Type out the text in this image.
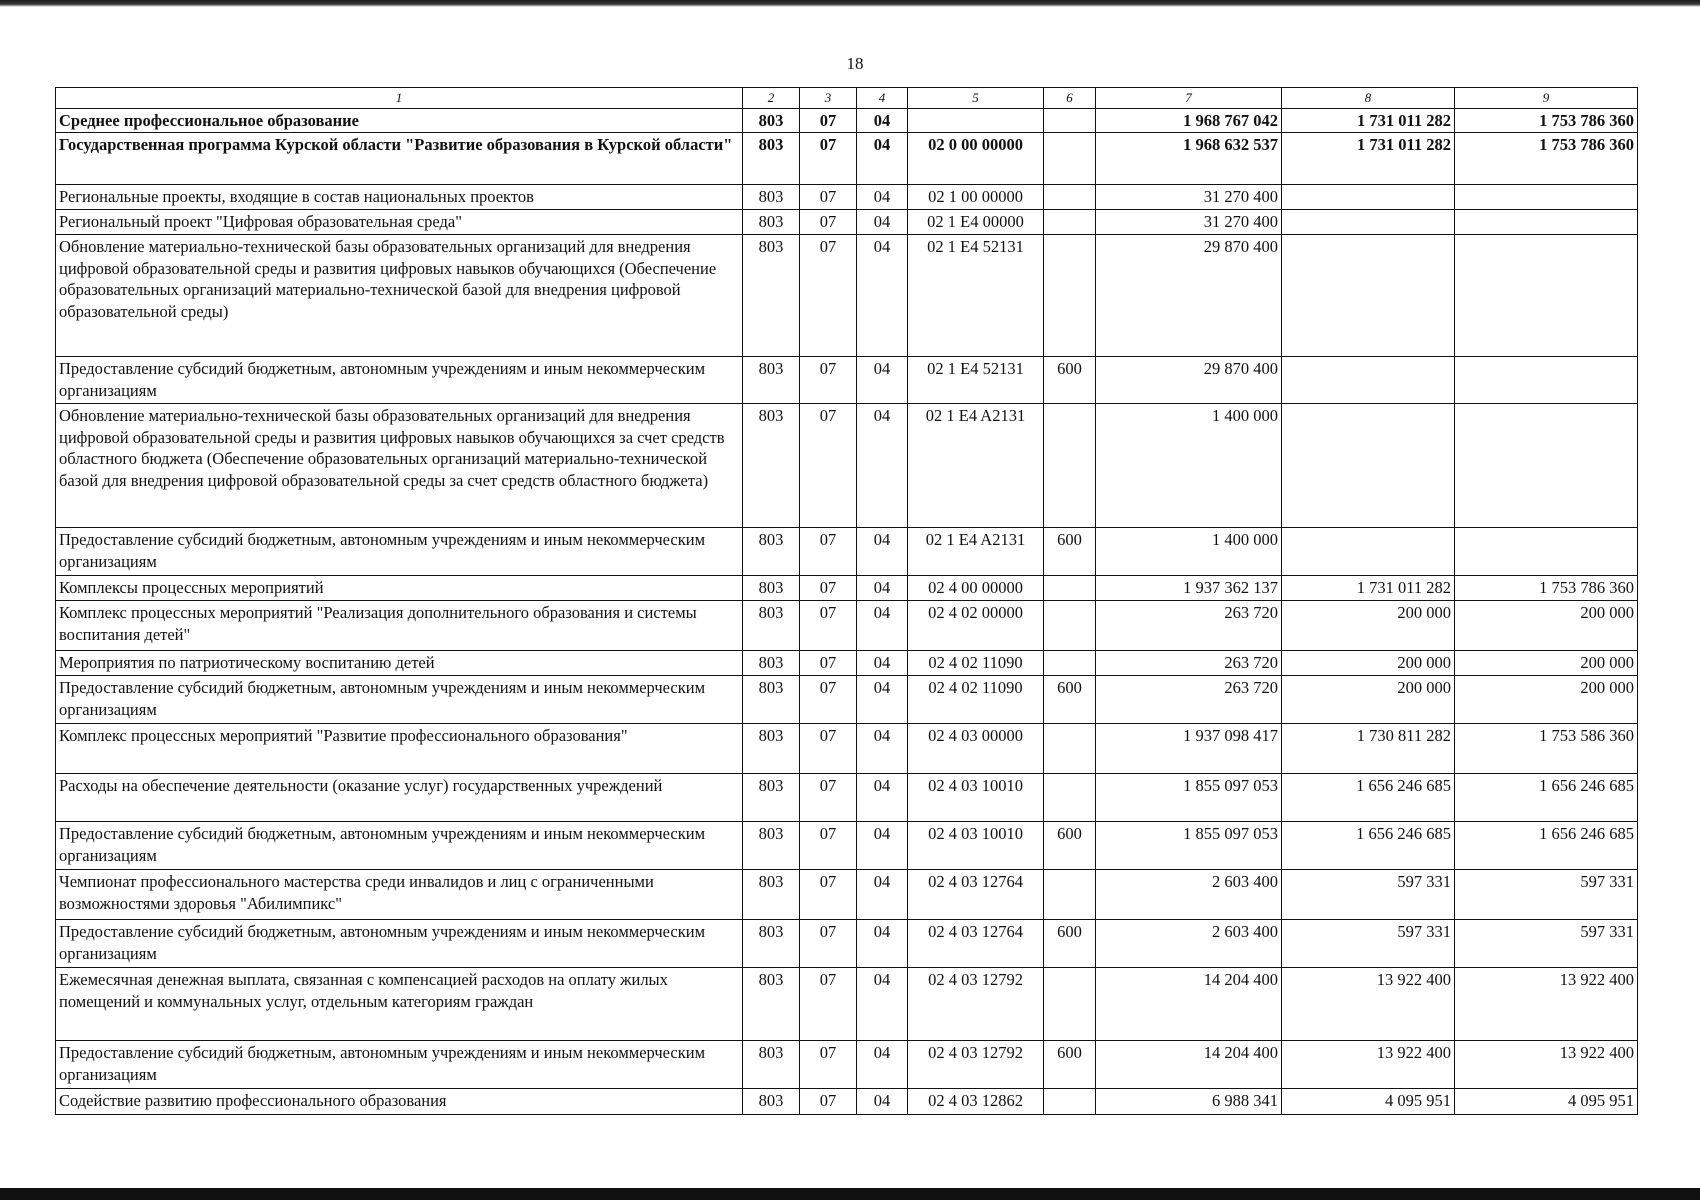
18
1	2	3	4	5	6	7	8	9
Среднее профессиональное образование	803	07	04			1 968 767 042	1 731 011 282	1 753 786 360
Государственная программа Курской области "Развитие образования в Курской области"	803	07	04	02 0 00 00000		1 968 632 537	1 731 011 282	1 753 786 360
Региональные проекты, входящие в состав национальных проектов	803	07	04	02 1 00 00000		31 270 400		
Региональный проект "Цифровая образовательная среда"	803	07	04	02 1 E4 00000		31 270 400		
Обновление материально-технической базы образовательных организаций для внедрения цифровой образовательной среды и развития цифровых навыков обучающихся (Обеспечение образовательных организаций материально-технической базой для внедрения цифровой образовательной среды)	803	07	04	02 1 E4 52131		29 870 400		
Предоставление субсидий бюджетным, автономным учреждениям и иным некоммерческим организациям	803	07	04	02 1 E4 52131	600	29 870 400		
Обновление материально-технической базы образовательных организаций для внедрения цифровой образовательной среды и развития цифровых навыков обучающихся за счет средств областного бюджета (Обеспечение образовательных организаций материально-технической базой для внедрения цифровой образовательной среды за счет средств областного бюджета)	803	07	04	02 1 E4 A2131		1 400 000		
Предоставление субсидий бюджетным, автономным учреждениям и иным некоммерческим организациям	803	07	04	02 1 E4 A2131	600	1 400 000		
Комплексы процессных мероприятий	803	07	04	02 4 00 00000		1 937 362 137	1 731 011 282	1 753 786 360
Комплекс процессных мероприятий "Реализация дополнительного образования и системы воспитания детей"	803	07	04	02 4 02 00000		263 720	200 000	200 000
Мероприятия по патриотическому воспитанию детей	803	07	04	02 4 02 11090		263 720	200 000	200 000
Предоставление субсидий бюджетным, автономным учреждениям и иным некоммерческим организациям	803	07	04	02 4 02 11090	600	263 720	200 000	200 000
Комплекс процессных мероприятий "Развитие профессионального образования"	803	07	04	02 4 03 00000		1 937 098 417	1 730 811 282	1 753 586 360
Расходы на обеспечение деятельности (оказание услуг) государственных учреждений	803	07	04	02 4 03 10010		1 855 097 053	1 656 246 685	1 656 246 685
Предоставление субсидий бюджетным, автономным учреждениям и иным некоммерческим организациям	803	07	04	02 4 03 10010	600	1 855 097 053	1 656 246 685	1 656 246 685
Чемпионат профессионального мастерства среди инвалидов и лиц с ограниченными возможностями здоровья "Абилимпикс"	803	07	04	02 4 03 12764		2 603 400	597 331	597 331
Предоставление субсидий бюджетным, автономным учреждениям и иным некоммерческим организациям	803	07	04	02 4 03 12764	600	2 603 400	597 331	597 331
Ежемесячная денежная выплата, связанная с компенсацией расходов на оплату жилых помещений и коммунальных услуг, отдельным категориям граждан	803	07	04	02 4 03 12792		14 204 400	13 922 400	13 922 400
Предоставление субсидий бюджетным, автономным учреждениям и иным некоммерческим организациям	803	07	04	02 4 03 12792	600	14 204 400	13 922 400	13 922 400
Содействие развитию профессионального образования	803	07	04	02 4 03 12862		6 988 341	4 095 951	4 095 951
